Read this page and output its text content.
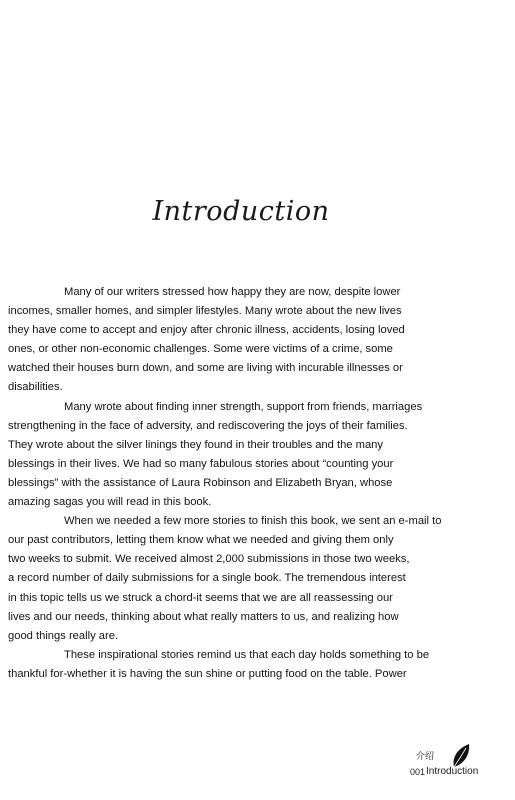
Introduction

Many of our writers stressed how happy they are now, despite lower
incomes, smaller homes, and simpler lifestyles. Many wrote about the new lives
they have come to accept and enjoy after chronic illness, accidents, losing loved
ones, or other non-economic challenges. Some were victims of a crime, some
watched their houses burn down, and some are living with incurable illnesses or
disabilities.

Many wrote about finding inner strength, support from friends, marriages
strengthening in the face of adversity, and rediscovering the joys of their families.
They wrote about the silver linings they found in their troubles and the many
blessings in their lives. We had so many fabulous stories about “counting your
blessings” with the assistance of Laura Robinson and Elizabeth Bryan, whose
amazing sagas you will read in this book.

When we needed a few more stories to finish this book, we sent an e-mail to
our past contributors, letting them know what we needed and giving them only
two weeks to submit. We received almost 2,000 submissions in those two weeks,
a record number of daily submissions for a single book. The tremendous interest
in this topic tells us we struck a chord-it seems that we are all reassessing our
lives and our needs, thinking about what really matters to us, and realizing how
good things really are.

These inspirational stories remind us that each day holds something to be
thankful for-whether it is having the sun shine or putting food on the table. Power

介绍
001 Introduction
